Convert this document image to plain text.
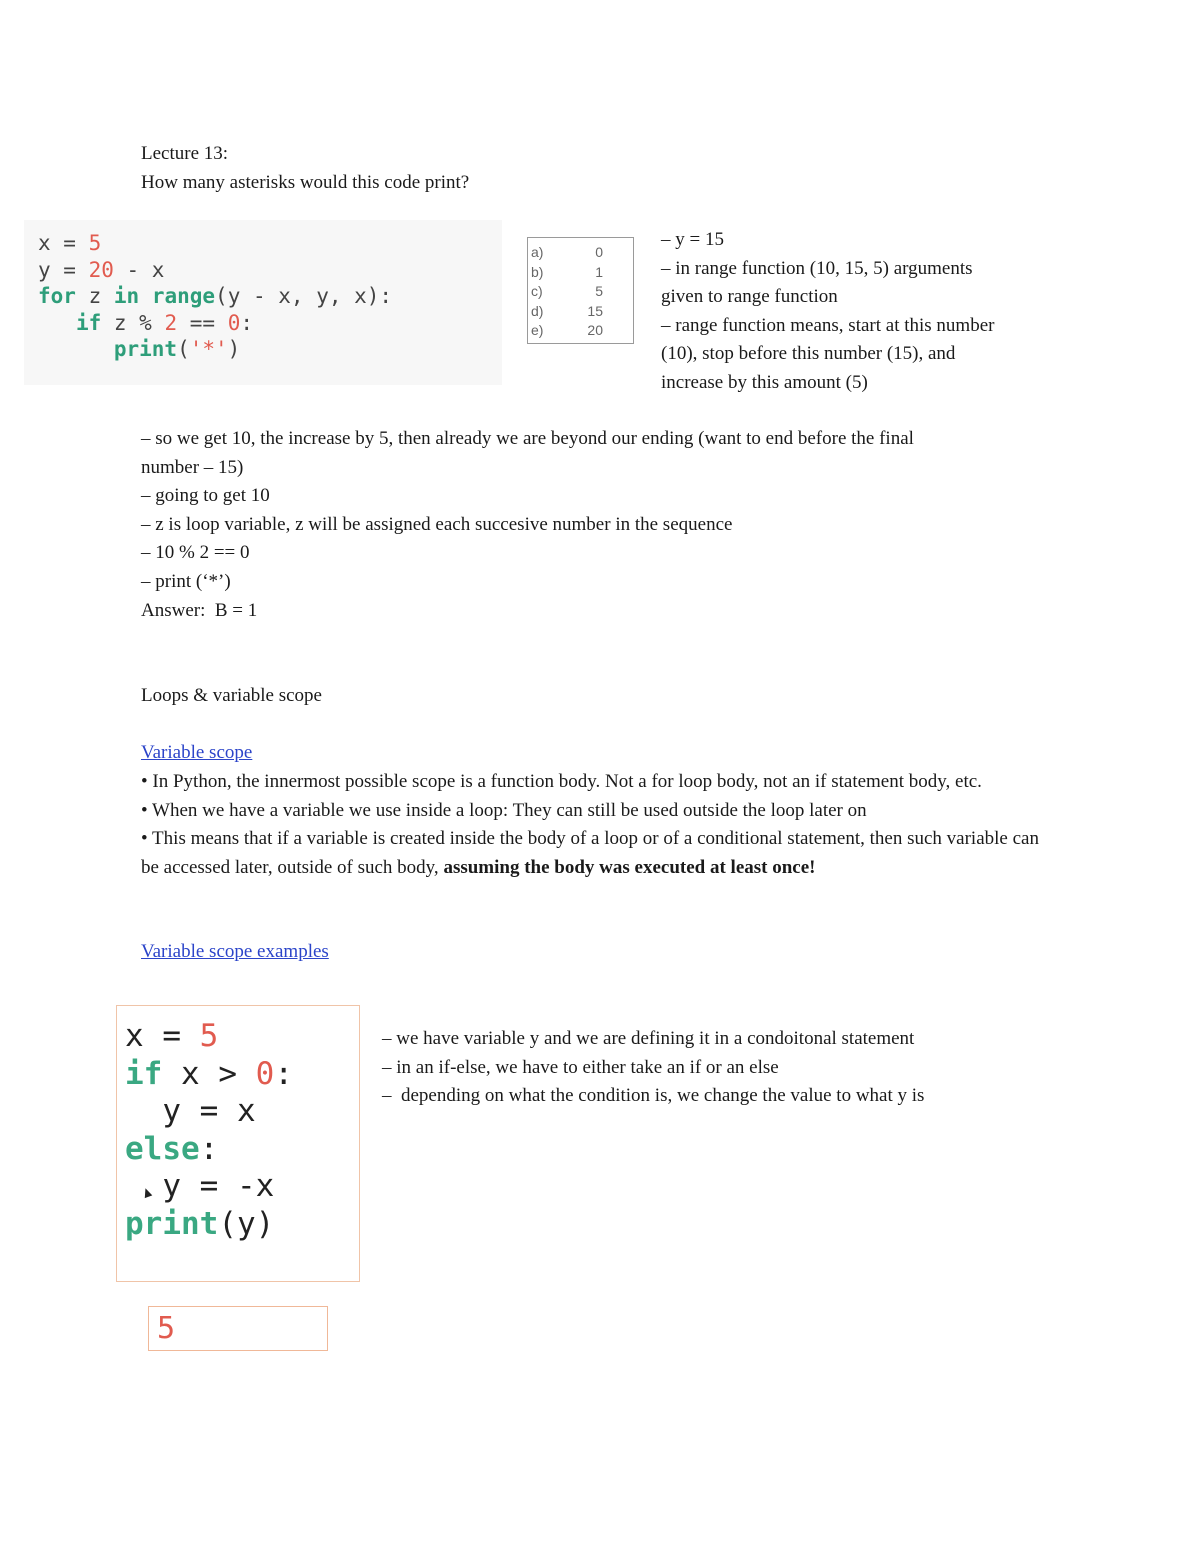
Lecture 13:
How many asterisks would this code print?
x = 5
y = 20 - x
for z in range(y - x, y, x):
if z % 2 == 0:
print('*')
a)	0
b)	1
c)	5
d)	15
e)	20
– y = 15
– in range function (10, 15, 5) arguments
given to range function
– range function means, start at this number
(10), stop before this number (15), and
increase by this amount (5)
– so we get 10, the increase by 5, then already we are beyond our ending (want to end before the final
number – 15)
– going to get 10
– z is loop variable, z will be assigned each succesive number in the sequence
– 10 % 2 == 0
– print (‘*’)
Answer:  B = 1
Loops & variable scope
Variable scope
• In Python, the innermost possible scope is a function body. Not a for loop body, not an if statement body, etc.
• When we have a variable we use inside a loop: They can still be used outside the loop later on
• This means that if a variable is created inside the body of a loop or of a conditional statement, then such variable can be accessed later, outside of such body, assuming the body was executed at least once!
Variable scope examples
x = 5
if x > 0:
y = x
else:
y = -x
print(y)
5
– we have variable y and we are defining it in a condoitonal statement
– in an if-else, we have to either take an if or an else
–  depending on what the condition is, we change the value to what y is
